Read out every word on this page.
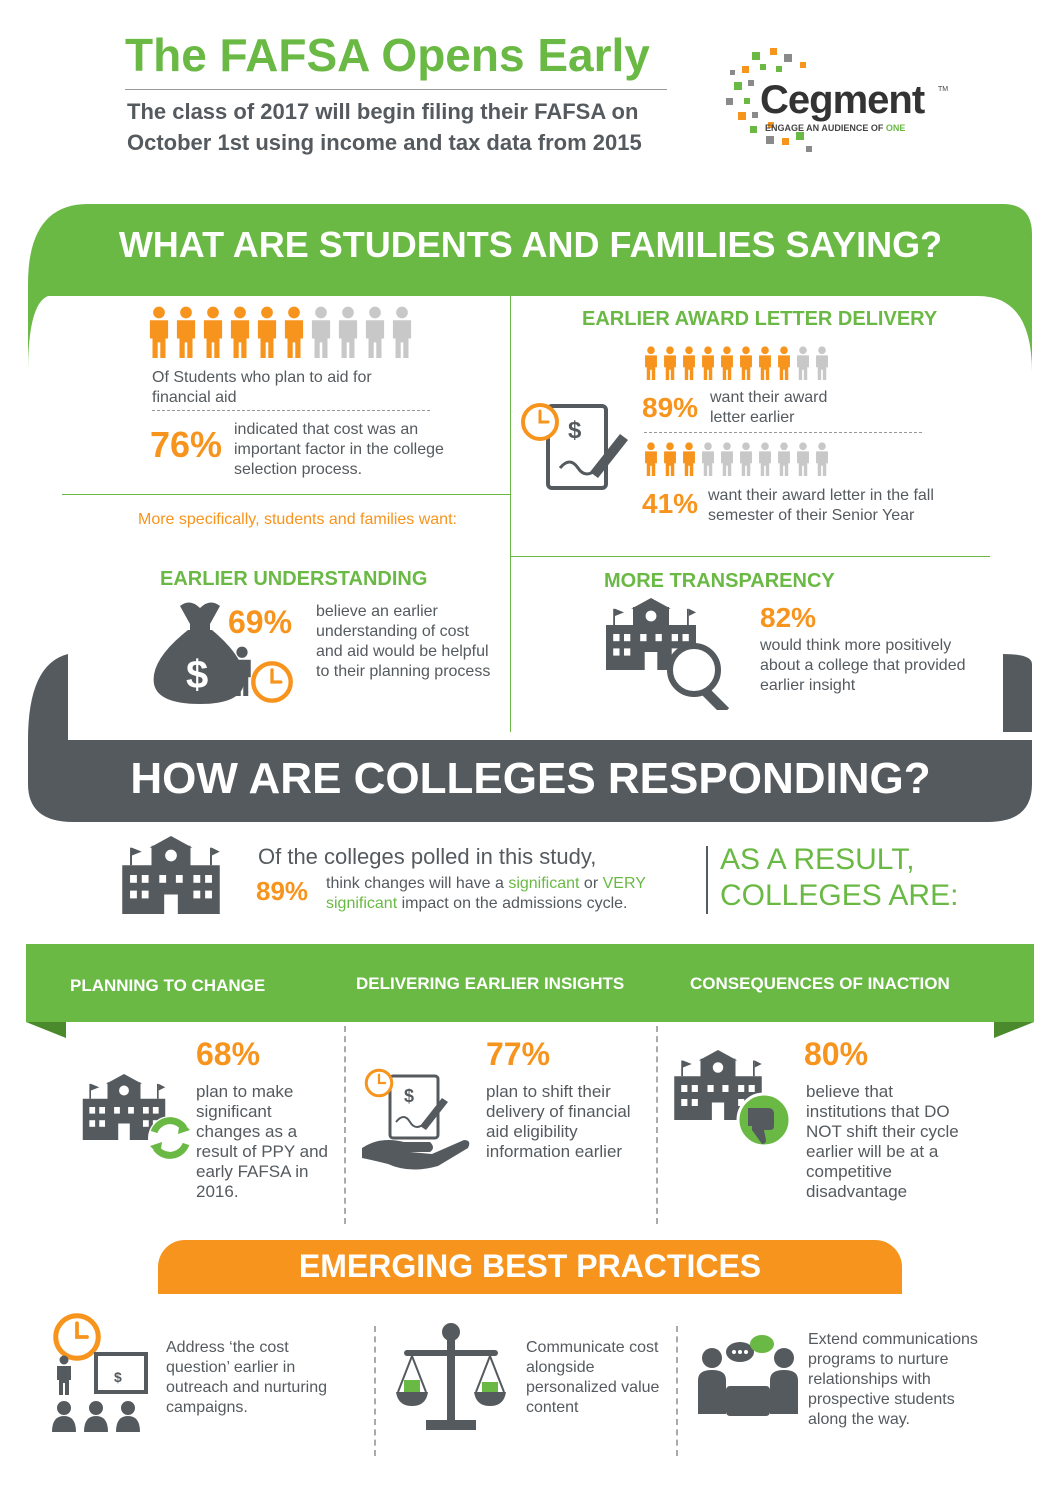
The FAFSA Opens Early
The class of 2017 will begin filing their FAFSA on October 1st using income and tax data from 2015
Cegment TM
ENGAGE AN AUDIENCE OF ONE
WHAT ARE STUDENTS AND FAMILIES SAYING?
Of Students who plan to aid for financial aid
76% indicated that cost was an important factor in the college selection process.
More specifically, students and families want:
EARLIER AWARD LETTER DELIVERY
$
89% want their award letter earlier
41% want their award letter in the fall semester of their Senior Year
EARLIER UNDERSTANDING
$
69% believe an earlier understanding of cost and aid would be helpful to their planning process
MORE TRANSPARENCY
82%
would think more positively about a college that provided earlier insight
HOW ARE COLLEGES RESPONDING?
Of the colleges polled in this study,
89% think changes will have a significant or VERY significant impact on the admissions cycle.
AS A RESULT, COLLEGES ARE:
PLANNING TO CHANGE	DELIVERING EARLIER INSIGHTS	CONSEQUENCES OF INACTION
68%
plan to make significant changes as a result of PPY and early FAFSA in 2016.
$
77%
plan to shift their delivery of financial aid eligibility information earlier
80%
believe that institutions that DO NOT shift their cycle earlier will be at a competitive disadvantage
EMERGING BEST PRACTICES
$
Address ‘the cost question’ earlier in outreach and nurturing campaigns.
Communicate cost alongside personalized value content
Extend communications programs to nurture relationships with prospective students along the way.
